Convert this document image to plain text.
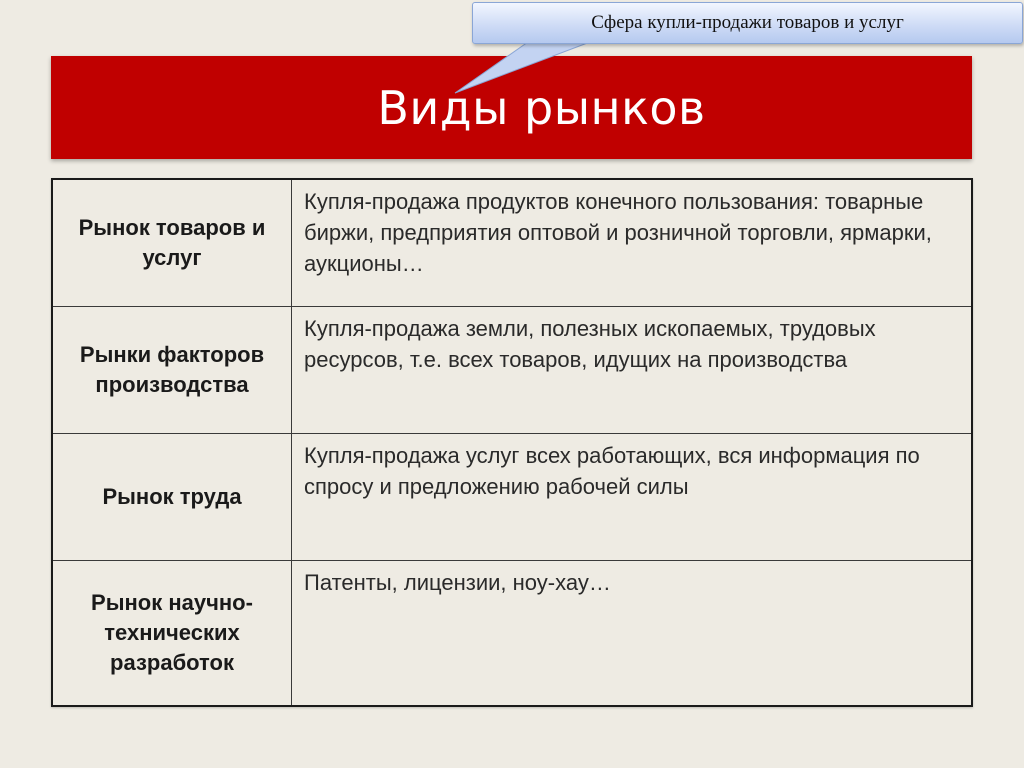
Сфера купли-продажи товаров и услуг
Виды рынков
Рынок товаров и услуг	Купля-продажа продуктов конечного пользования: товарные биржи, предприятия оптовой и розничной торговли, ярмарки, аукционы…
Рынки факторов производства	Купля-продажа земли, полезных ископаемых, трудовых ресурсов, т.е. всех товаров, идущих на производства
Рынок труда	Купля-продажа услуг всех работающих, вся информация по спросу и предложению рабочей силы
Рынок научно-технических разработок	Патенты, лицензии, ноу-хау…
